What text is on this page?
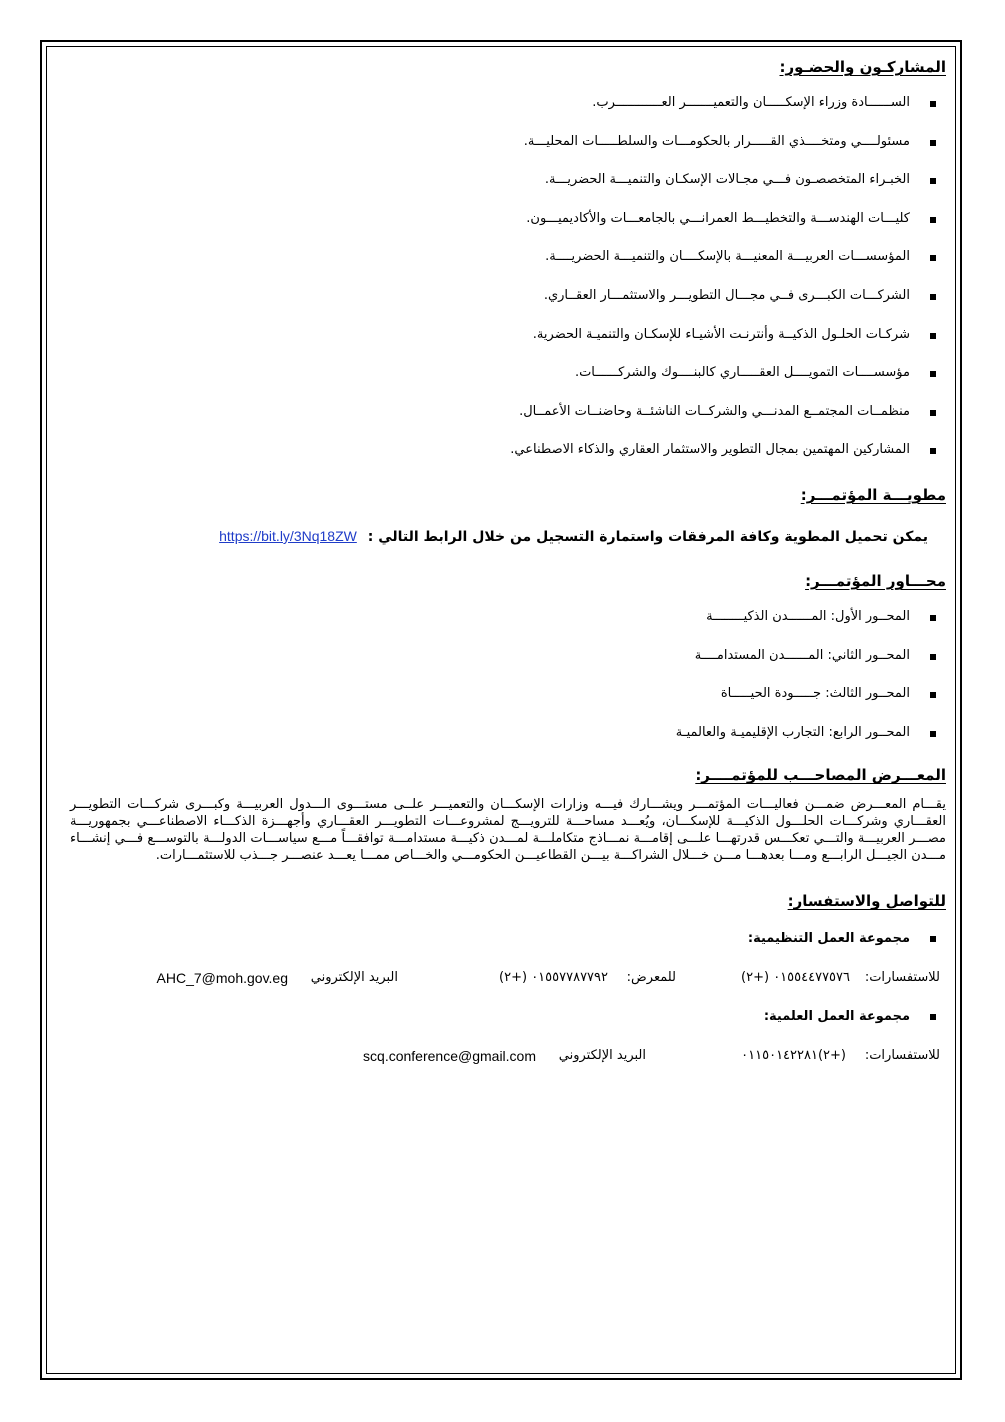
المشاركـون والحضـور:
الســــــادة وزراء الإسكـــــان والتعميـــــــر العــــــــــــرب.
مسئولــــي ومتخــــذي القـــــرار بالحكومـــات والسلطـــــات المحليـــة.
الخبـراء المتخصصـون فـــي مجـالات الإسكـان والتنميـــة الحضريـــة.
كليـــات الهندســـة والتخطيـــط العمرانـــي بالجامعـــات والأكاديميـــون.
المؤسســـات العربيـــة المعنيـــة بالإسكــــان والتنميـــة الحضريــــة.
الشركـــات الكبـــرى فــي مجـــال التطويـــر والاستثمـــار العقــاري.
شركـات الحلـول الذكيــة وأنترنـت الأشيـاء للإسكـان والتنميـة الحضرية.
مؤسســــات التمويــــل العقـــــاري كالبنــــوك والشركــــــات.
منظمــات المجتمــع المدنـــي والشركــات الناشئــة وحاضنــات الأعمــال.
المشاركين المهتمين بمجال التطوير والاستثمار العقاري والذكاء الاصطناعي.
مطويـــة المؤتمـــر:
يمكن تحميل المطوية وكافة المرفقات واستمارة التسجيل من خلال الرابط التالي : https://bit.ly/3Nq18ZW
محـــاور المؤتمـــر:
المحــور الأول: المــــــدن الذكيــــــــة
المحــور الثاني: المــــــدن المستدامــــة
المحــور الثالث: جـــــودة الحيـــــاة
المحــور الرابع: التجارب الإقليميـة والعالميـة
المعـــرض المصاحـــب للمؤتمــــر:

يقـــام المعـــرض ضمـــن فعاليـــات المؤتمـــر ويشـــارك فيـــه وزارات الإسكـــان والتعميـــر علــى مستـــوى الـــدول العربيـــة وكبـــرى شركـــات التطويـــر العقـــاري وشركـــات الحلـــول الذكيـــة للإسكـــان، ويُعـــد مساحـــة للترويـــج لمشروعـــات التطويـــر العقـــاري وأجهـــزة الذكـــاء الاصطناعـــي بجمهوريـــة مصـــر العربيـــة والتـــي تعكـــس قدرتهـــا علـــى إقامـــة نمـــاذج متكاملـــة لمـــدن ذكيـــة مستدامـــة توافقـــاً مـــع سياســـات الدولـــة بالتوســـع فـــي إنشـــاء مـــدن الجيـــل الرابـــع ومـــا بعدهـــا مـــن خـــلال الشراكـــة بيـــن القطاعيـــن الحكومـــي والخـــاص ممـــا يعـــد عنصـــر جـــذب للاستثمـــارات.

للتواصل والاستفسار:
مجموعة العمل التنظيمية:
للاستفسارات:
٠١٥٥٤٤٧٧٥٧٦ (+٢)
للمعرض:
٠١٥٥٧٧٨٧٧٩٢ (+٢)
البريد الإلكتروني
AHC_7@moh.gov.eg
مجموعة العمل العلمية:
للاستفسارات:
(+٢)٠١١٥٠١٤٢٢٨١
البريد الإلكتروني
scq.conference@gmail.com
